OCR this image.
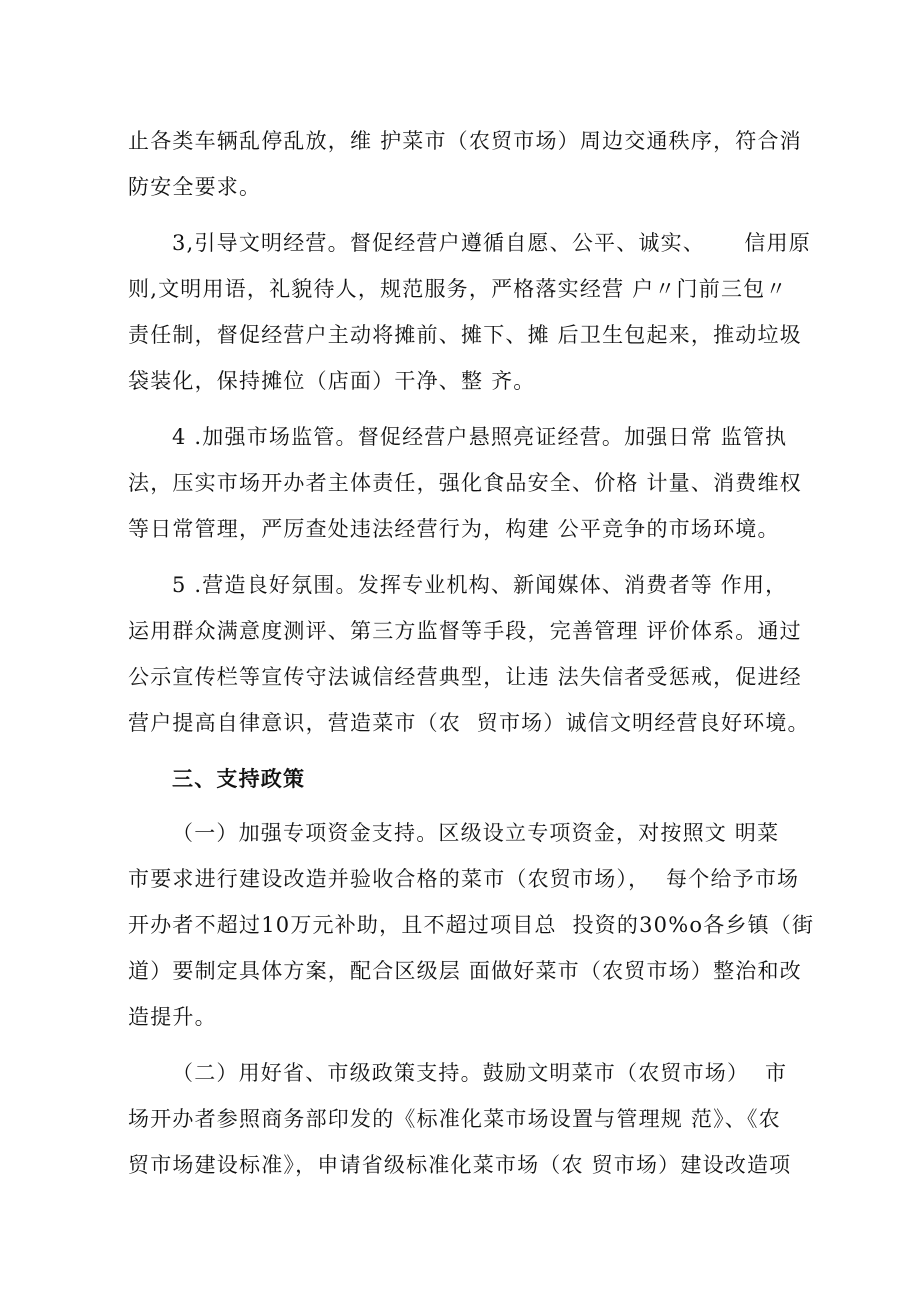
止各类车辆乱停乱放，维 护菜市（农贸市场）周边交通秩序，符合消
防安全要求。
3,引导文明经营。督促经营户遵循自愿、公平、诚实、     信用原
则,文明用语，礼貌待人，规范服务，严格落实经营 户〃门前三包〃
责任制，督促经营户主动将摊前、摊下、摊 后卫生包起来，推动垃圾
袋装化，保持摊位（店面）干净、整 齐。
4 .加强市场监管。督促经营户悬照亮证经营。加强日常 监管执
法，压实市场开办者主体责任，强化食品安全、价格 计量、消费维权
等日常管理，严厉查处违法经营行为，构建 公平竞争的市场环境。
5 .营造良好氛围。发挥专业机构、新闻媒体、消费者等 作用，
运用群众满意度测评、第三方监督等手段，完善管理 评价体系。通过
公示宣传栏等宣传守法诚信经营典型，让违 法失信者受惩戒，促进经
营户提高自律意识，营造菜市（农  贸市场）诚信文明经营良好环境。
三、支持政策
（一）加强专项资金支持。区级设立专项资金，对按照文 明菜
市要求进行建设改造并验收合格的菜市（农贸市场），  每个给予市场
开办者不超过10万元补助，且不超过项目总  投资的30%o各乡镇（街
道）要制定具体方案，配合区级层 面做好菜市（农贸市场）整治和改
造提升。
（二）用好省、市级政策支持。鼓励文明菜市（农贸市场）  市
场开办者参照商务部印发的《标准化菜市场设置与管理规 范》、《农
贸市场建设标准》，申请省级标准化菜市场（农 贸市场）建设改造项
